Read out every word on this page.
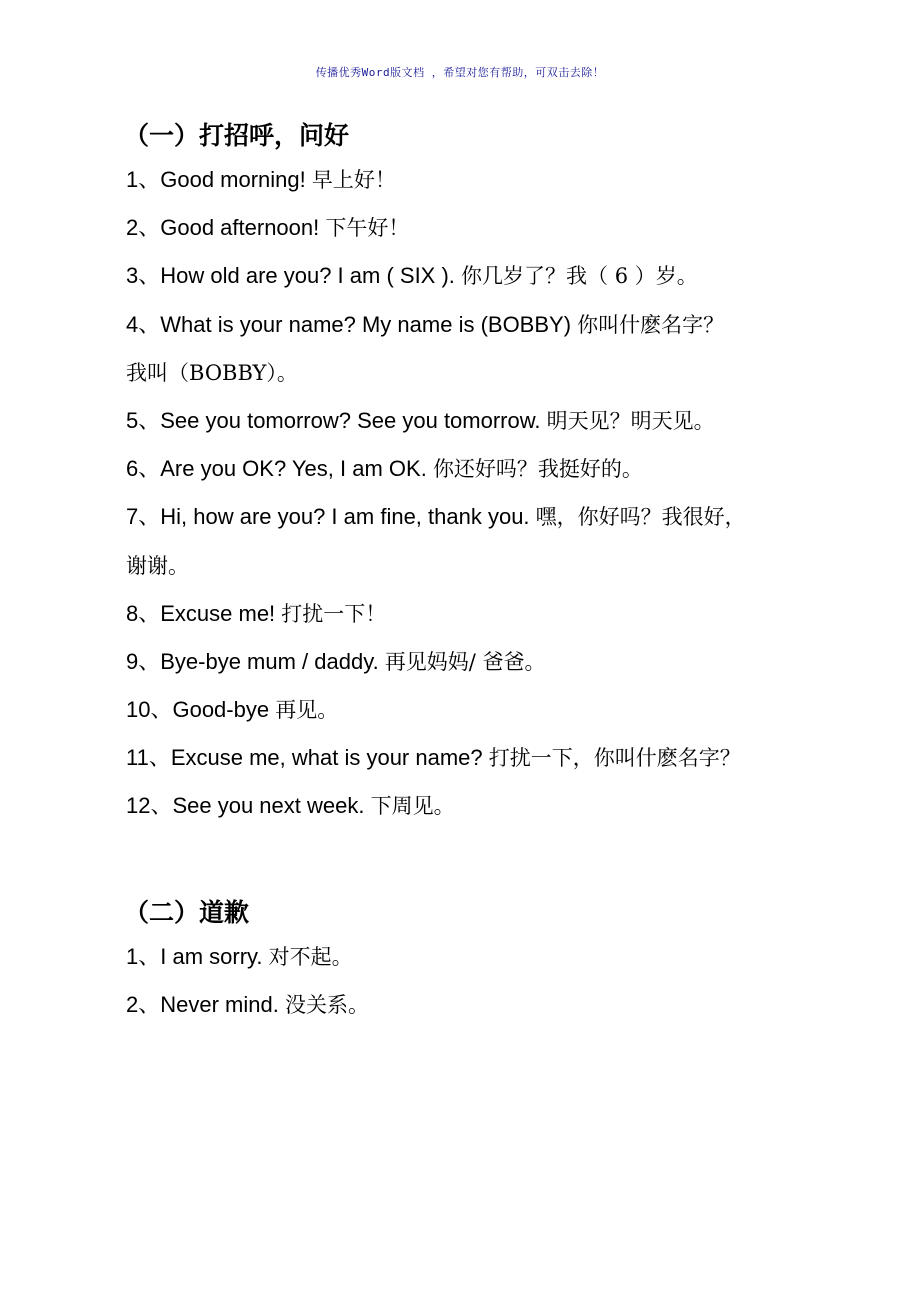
传播优秀Word版文档 ，希望对您有帮助，可双击去除！
（一）打招呼，问好
1、Good morning! 早上好！
2、Good afternoon! 下午好！
3、How old are you? I am ( SIX ). 你几岁了？我（ 6 ）岁。
4、What is your name? My name is (BOBBY) 你叫什麽名字？
我叫（BOBBY）。
5、See you tomorrow? See you tomorrow. 明天见？明天见。
6、Are you OK? Yes, I am OK. 你还好吗？我挺好的。
7、Hi, how are you? I am fine, thank you. 嘿，你好吗？我很好，
谢谢。
8、Excuse me! 打扰一下！
9、Bye-bye mum / daddy. 再见妈妈/ 爸爸。
10、Good-bye 再见。
11、Excuse me, what is your name? 打扰一下，你叫什麽名字？
12、See you next week. 下周见。
（二）道歉
1、I am sorry. 对不起。
2、Never mind. 没关系。
